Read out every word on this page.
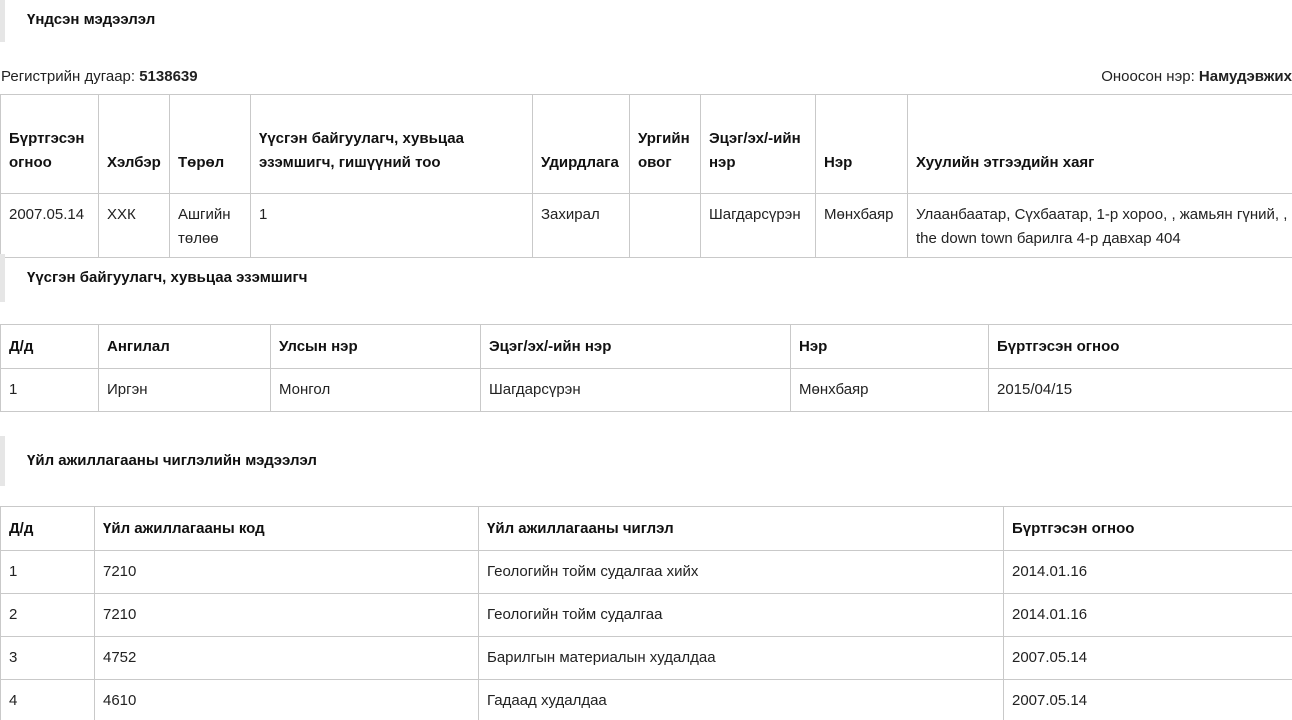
Үндсэн мэдээлэл
Регистрийн дугаар: 5138639	Оноосон нэр: Намудэвжих
Бүртгэсэн огноо	Хэлбэр	Төрөл	Үүсгэн байгуулагч, хувьцаа эзэмшигч, гишүүний тоо	Удирдлага	Ургийн овог	Эцэг/эх/-ийн нэр	Нэр	Хуулийн этгээдийн хаяг
2007.05.14	ХХК	Ашгийн төлөө	1	Захирал		Шагдарсүрэн	Мөнхбаяр	Улаанбаатар, Сүхбаатар, 1-р хороо, , жамьян гүний, , the down town барилга 4-р давхар 404
Үүсгэн байгуулагч, хувьцаа эзэмшигч
Д/д	Ангилал	Улсын нэр	Эцэг/эх/-ийн нэр	Нэр	Бүртгэсэн огноо
1	Иргэн	Монгол	Шагдарсүрэн	Мөнхбаяр	2015/04/15
Үйл ажиллагааны чиглэлийн мэдээлэл
Д/д	Үйл ажиллагааны код	Үйл ажиллагааны чиглэл	Бүртгэсэн огноо
1	7210	Геологийн тойм судалгаа хийх	2014.01.16
2	7210	Геологийн тойм судалгаа	2014.01.16
3	4752	Барилгын материалын худалдаа	2007.05.14
4	4610	Гадаад худалдаа	2007.05.14
